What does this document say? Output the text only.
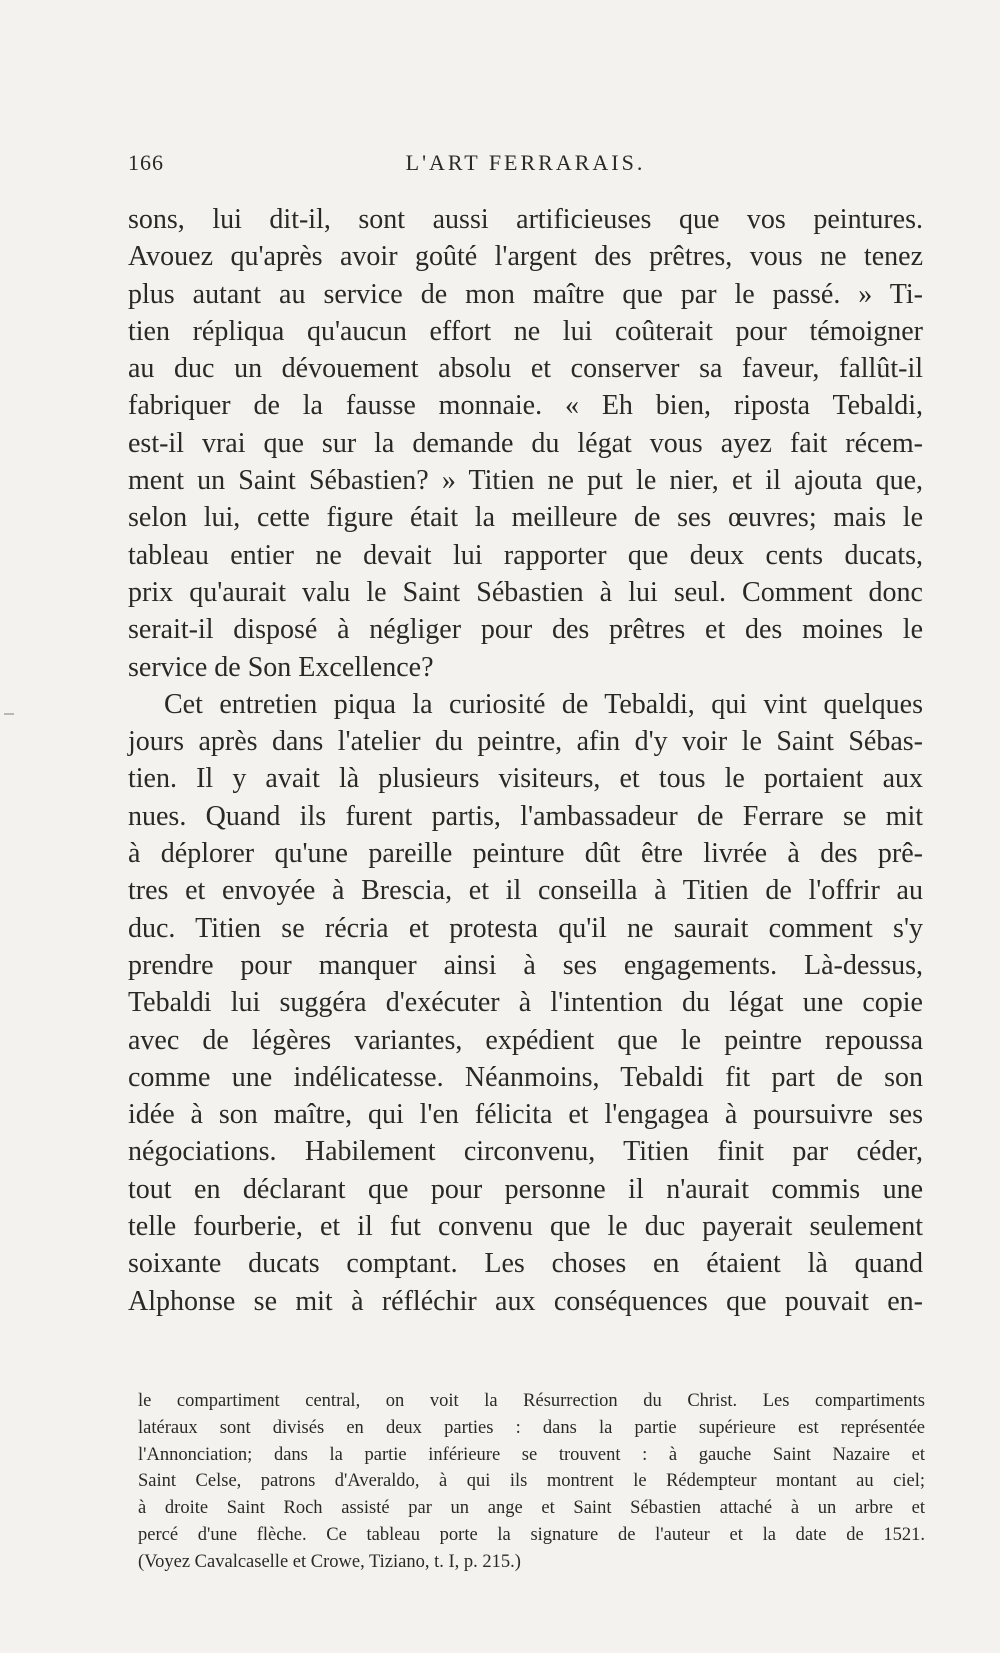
166	L'ART FERRARAIS.
sons, lui dit-il, sont aussi artificieuses que vos peintures.
Avouez qu'après avoir goûté l'argent des prêtres, vous ne tenez
plus autant au service de mon maître que par le passé. » Ti-
tien répliqua qu'aucun effort ne lui coûterait pour témoigner
au duc un dévouement absolu et conserver sa faveur, fallût-il
fabriquer de la fausse monnaie. « Eh bien, riposta Tebaldi,
est-il vrai que sur la demande du légat vous ayez fait récem-
ment un Saint Sébastien? » Titien ne put le nier, et il ajouta que,
selon lui, cette figure était la meilleure de ses œuvres; mais le
tableau entier ne devait lui rapporter que deux cents ducats,
prix qu'aurait valu le Saint Sébastien à lui seul. Comment donc
serait-il disposé à négliger pour des prêtres et des moines le
service de Son Excellence?
Cet entretien piqua la curiosité de Tebaldi, qui vint quelques
jours après dans l'atelier du peintre, afin d'y voir le Saint Sébas-
tien. Il y avait là plusieurs visiteurs, et tous le portaient aux
nues. Quand ils furent partis, l'ambassadeur de Ferrare se mit
à déplorer qu'une pareille peinture dût être livrée à des prê-
tres et envoyée à Brescia, et il conseilla à Titien de l'offrir au
duc. Titien se récria et protesta qu'il ne saurait comment s'y
prendre pour manquer ainsi à ses engagements. Là-dessus,
Tebaldi lui suggéra d'exécuter à l'intention du légat une copie
avec de légères variantes, expédient que le peintre repoussa
comme une indélicatesse. Néanmoins, Tebaldi fit part de son
idée à son maître, qui l'en félicita et l'engagea à poursuivre ses
négociations. Habilement circonvenu, Titien finit par céder,
tout en déclarant que pour personne il n'aurait commis une
telle fourberie, et il fut convenu que le duc payerait seulement
soixante ducats comptant. Les choses en étaient là quand
Alphonse se mit à réfléchir aux conséquences que pouvait en-
le compartiment central, on voit la Résurrection du Christ. Les compartiments
latéraux sont divisés en deux parties : dans la partie supérieure est représentée
l'Annonciation; dans la partie inférieure se trouvent : à gauche Saint Nazaire et
Saint Celse, patrons d'Averaldo, à qui ils montrent le Rédempteur montant au ciel;
à droite Saint Roch assisté par un ange et Saint Sébastien attaché à un arbre et
percé d'une flèche. Ce tableau porte la signature de l'auteur et la date de 1521.
(Voyez Cavalcaselle et Crowe, Tiziano, t. I, p. 215.)
